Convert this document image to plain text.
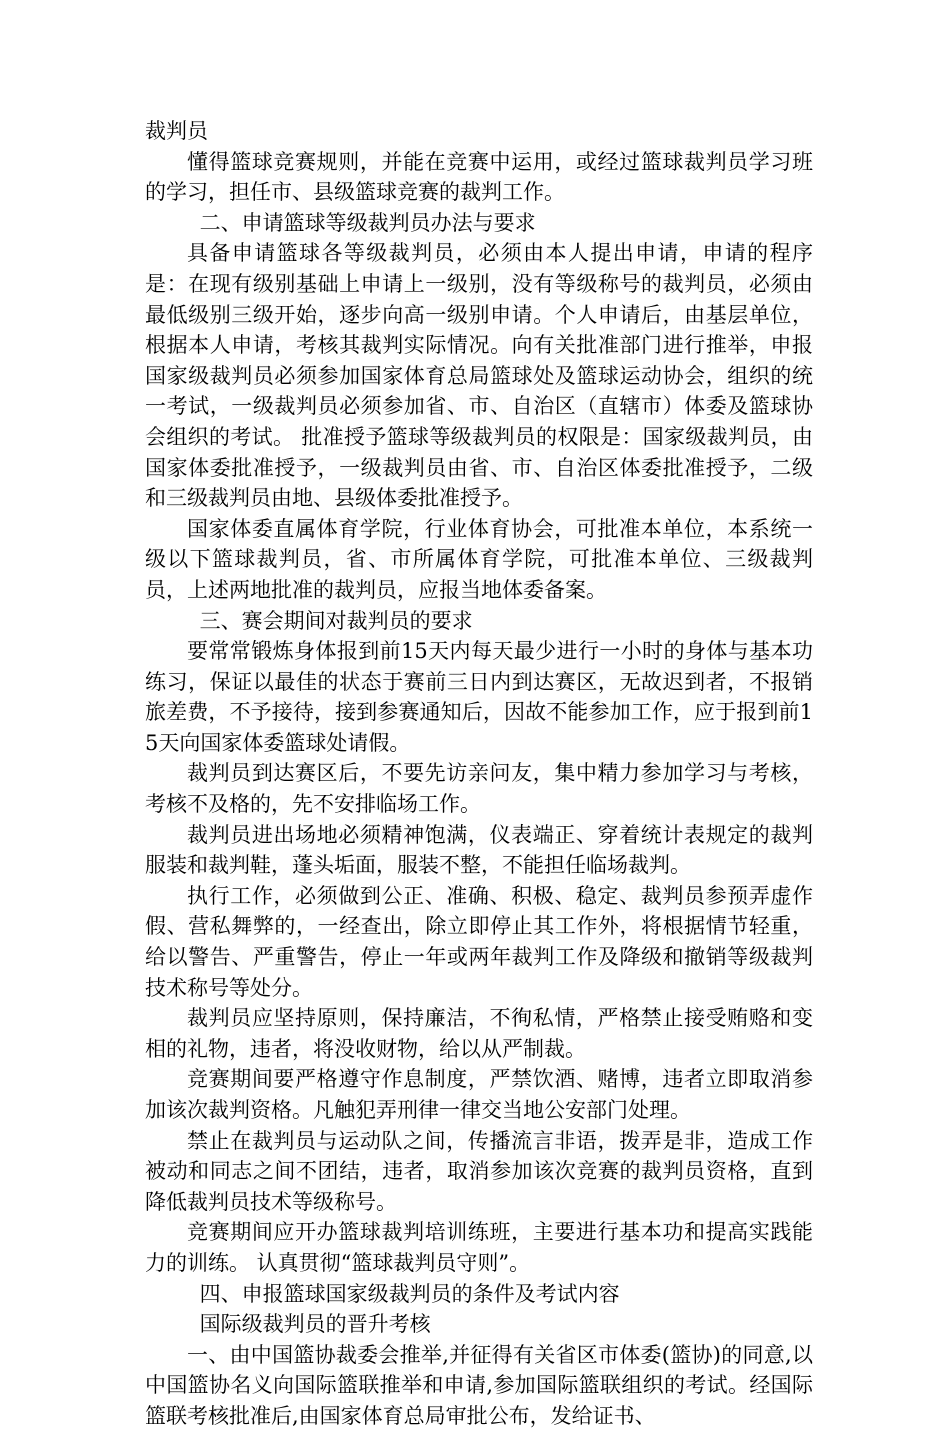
裁判员

懂得篮球竞赛规则，并能在竞赛中运用，或经过篮球裁判员学习班的学习，担任市、县级篮球竞赛的裁判工作。

二、申请篮球等级裁判员办法与要求

具备申请篮球各等级裁判员，必须由本人提出申请，申请的程序是：在现有级别基础上申请上一级别，没有等级称号的裁判员，必须由最低级别三级开始，逐步向高一级别申请。个人申请后，由基层单位，根据本人申请，考核其裁判实际情况。向有关批准部门进行推举，申报国家级裁判员必须参加国家体育总局篮球处及篮球运动协会，组织的统一考试，一级裁判员必须参加省、市、自治区（直辖市）体委及篮球协会组织的考试。 批准授予篮球等级裁判员的权限是：国家级裁判员，由国家体委批准授予，一级裁判员由省、市、自治区体委批准授予，二级和三级裁判员由地、县级体委批准授予。

国家体委直属体育学院，行业体育协会，可批准本单位，本系统一级以下篮球裁判员，省、市所属体育学院，可批准本单位、三级裁判员，上述两地批准的裁判员，应报当地体委备案。

三、赛会期间对裁判员的要求

要常常锻炼身体报到前15天内每天最少进行一小时的身体与基本功练习，保证以最佳的状态于赛前三日内到达赛区，无故迟到者，不报销旅差费，不予接待，接到参赛通知后，因故不能参加工作，应于报到前15天向国家体委篮球处请假。

裁判员到达赛区后，不要先访亲问友，集中精力参加学习与考核，考核不及格的，先不安排临场工作。

裁判员进出场地必须精神饱满，仪表端正、穿着统计表规定的裁判服装和裁判鞋，蓬头垢面，服装不整，不能担任临场裁判。

执行工作，必须做到公正、准确、积极、稳定、裁判员参预弄虚作假、营私舞弊的，一经查出，除立即停止其工作外，将根据情节轻重，给以警告、严重警告，停止一年或两年裁判工作及降级和撤销等级裁判技术称号等处分。

裁判员应坚持原则，保持廉洁，不徇私情，严格禁止接受贿赂和变相的礼物，违者，将没收财物，给以从严制裁。

竞赛期间要严格遵守作息制度，严禁饮酒、赌博，违者立即取消参加该次裁判资格。凡触犯弄刑律一律交当地公安部门处理。

禁止在裁判员与运动队之间，传播流言非语，拨弄是非，造成工作被动和同志之间不团结，违者，取消参加该次竞赛的裁判员资格，直到降低裁判员技术等级称号。

竞赛期间应开办篮球裁判培训练班，主要进行基本功和提高实践能力的训练。 认真贯彻“篮球裁判员守则”。

四、申报篮球国家级裁判员的条件及考试内容

国际级裁判员的晋升考核

一、由中国篮协裁委会推举,并征得有关省区市体委(篮协)的同意,以中国篮协名义向国际篮联推举和申请,参加国际篮联组织的考试。经国际篮联考核批准后,由国家体育总局审批公布，发给证书、
